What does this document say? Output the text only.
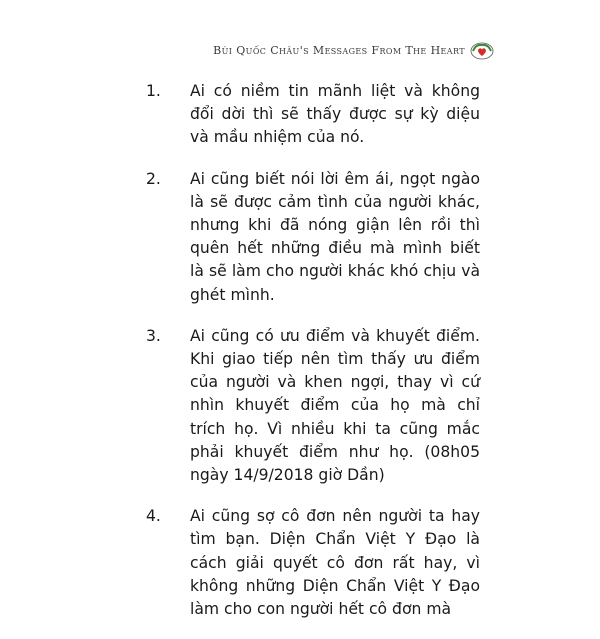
Bùi Quốc Châu's Messages From The Heart
1. Ai có niềm tin mãnh liệt và không đổi dời thì sẽ thấy được sự kỳ diệu và mầu nhiệm của nó.
2. Ai cũng biết nói lời êm ái, ngọt ngào là sẽ được cảm tình của người khác, nhưng khi đã nóng giận lên rồi thì quên hết những điều mà mình biết là sẽ làm cho người khác khó chịu và ghét mình.
3. Ai cũng có ưu điểm và khuyết điểm. Khi giao tiếp nên tìm thấy ưu điểm của người và khen ngợi, thay vì cứ nhìn khuyết điểm của họ mà chỉ trích họ. Vì nhiều khi ta cũng mắc phải khuyết điểm như họ. (08h05 ngày 14/9/2018 giờ Dần)
4. Ai cũng sợ cô đơn nên người ta hay tìm bạn. Diện Chẩn Việt Y Đạo là cách giải quyết cô đơn rất hay, vì không những Diện Chẩn Việt Y Đạo làm cho con người hết cô đơn mà
